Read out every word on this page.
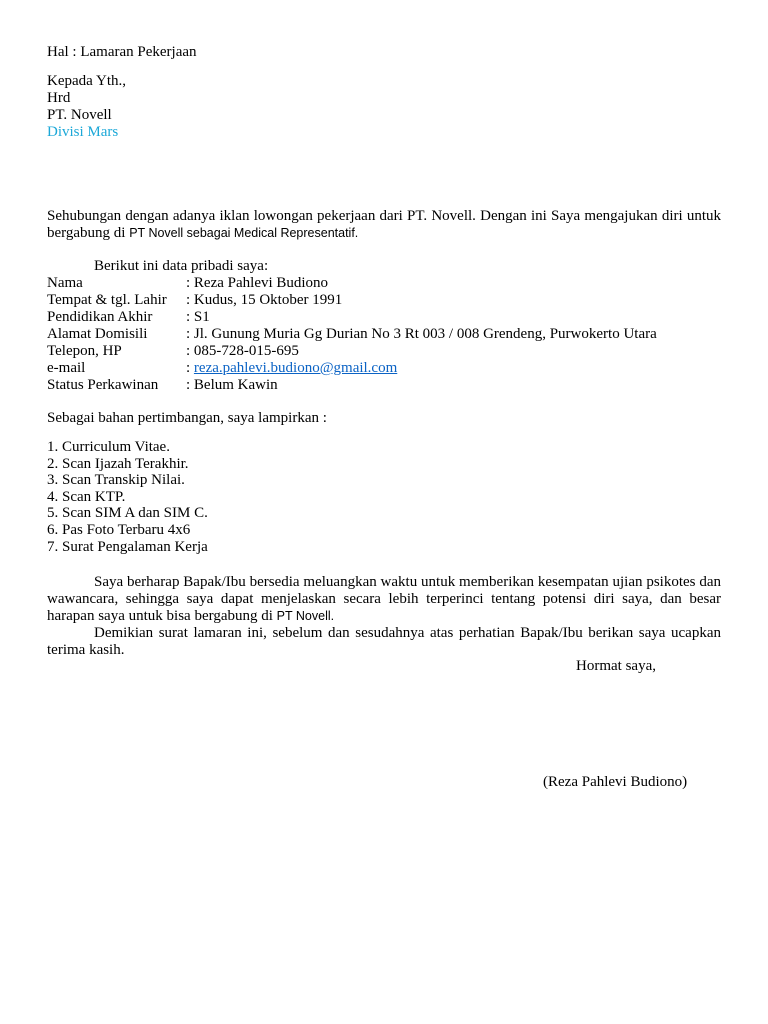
Hal : Lamaran Pekerjaan
Kepada Yth.,
Hrd
PT. Novell
Divisi Mars
Sehubungan dengan adanya iklan lowongan pekerjaan dari PT. Novell. Dengan ini Saya mengajukan diri untuk bergabung di PT Novell sebagai Medical Representatif.
Berikut ini data pribadi saya:
Nama	: Reza Pahlevi Budiono
Tempat & tgl. Lahir : Kudus, 15 Oktober 1991
Pendidikan Akhir : S1
Alamat Domisili	: Jl. Gunung Muria Gg Durian No 3 Rt 003 / 008 Grendeng, Purwokerto Utara
Telepon, HP	: 085-728-015-695
e-mail	: reza.pahlevi.budiono@gmail.com
Status Perkawinan : Belum Kawin
Sebagai bahan pertimbangan, saya lampirkan :
1. Curriculum Vitae.
2. Scan Ijazah Terakhir.
3. Scan Transkip Nilai.
4. Scan KTP.
5. Scan SIM A dan SIM C.
6. Pas Foto Terbaru 4x6
7. Surat Pengalaman Kerja
Saya berharap Bapak/Ibu bersedia meluangkan waktu untuk memberikan kesempatan ujian psikotes dan wawancara, sehingga saya dapat menjelaskan secara lebih terperinci tentang potensi diri saya, dan besar harapan saya untuk bisa bergabung di PT Novell.
Demikian surat lamaran ini, sebelum dan sesudahnya atas perhatian Bapak/Ibu berikan saya ucapkan terima kasih.
Hormat saya,
(Reza Pahlevi Budiono)
